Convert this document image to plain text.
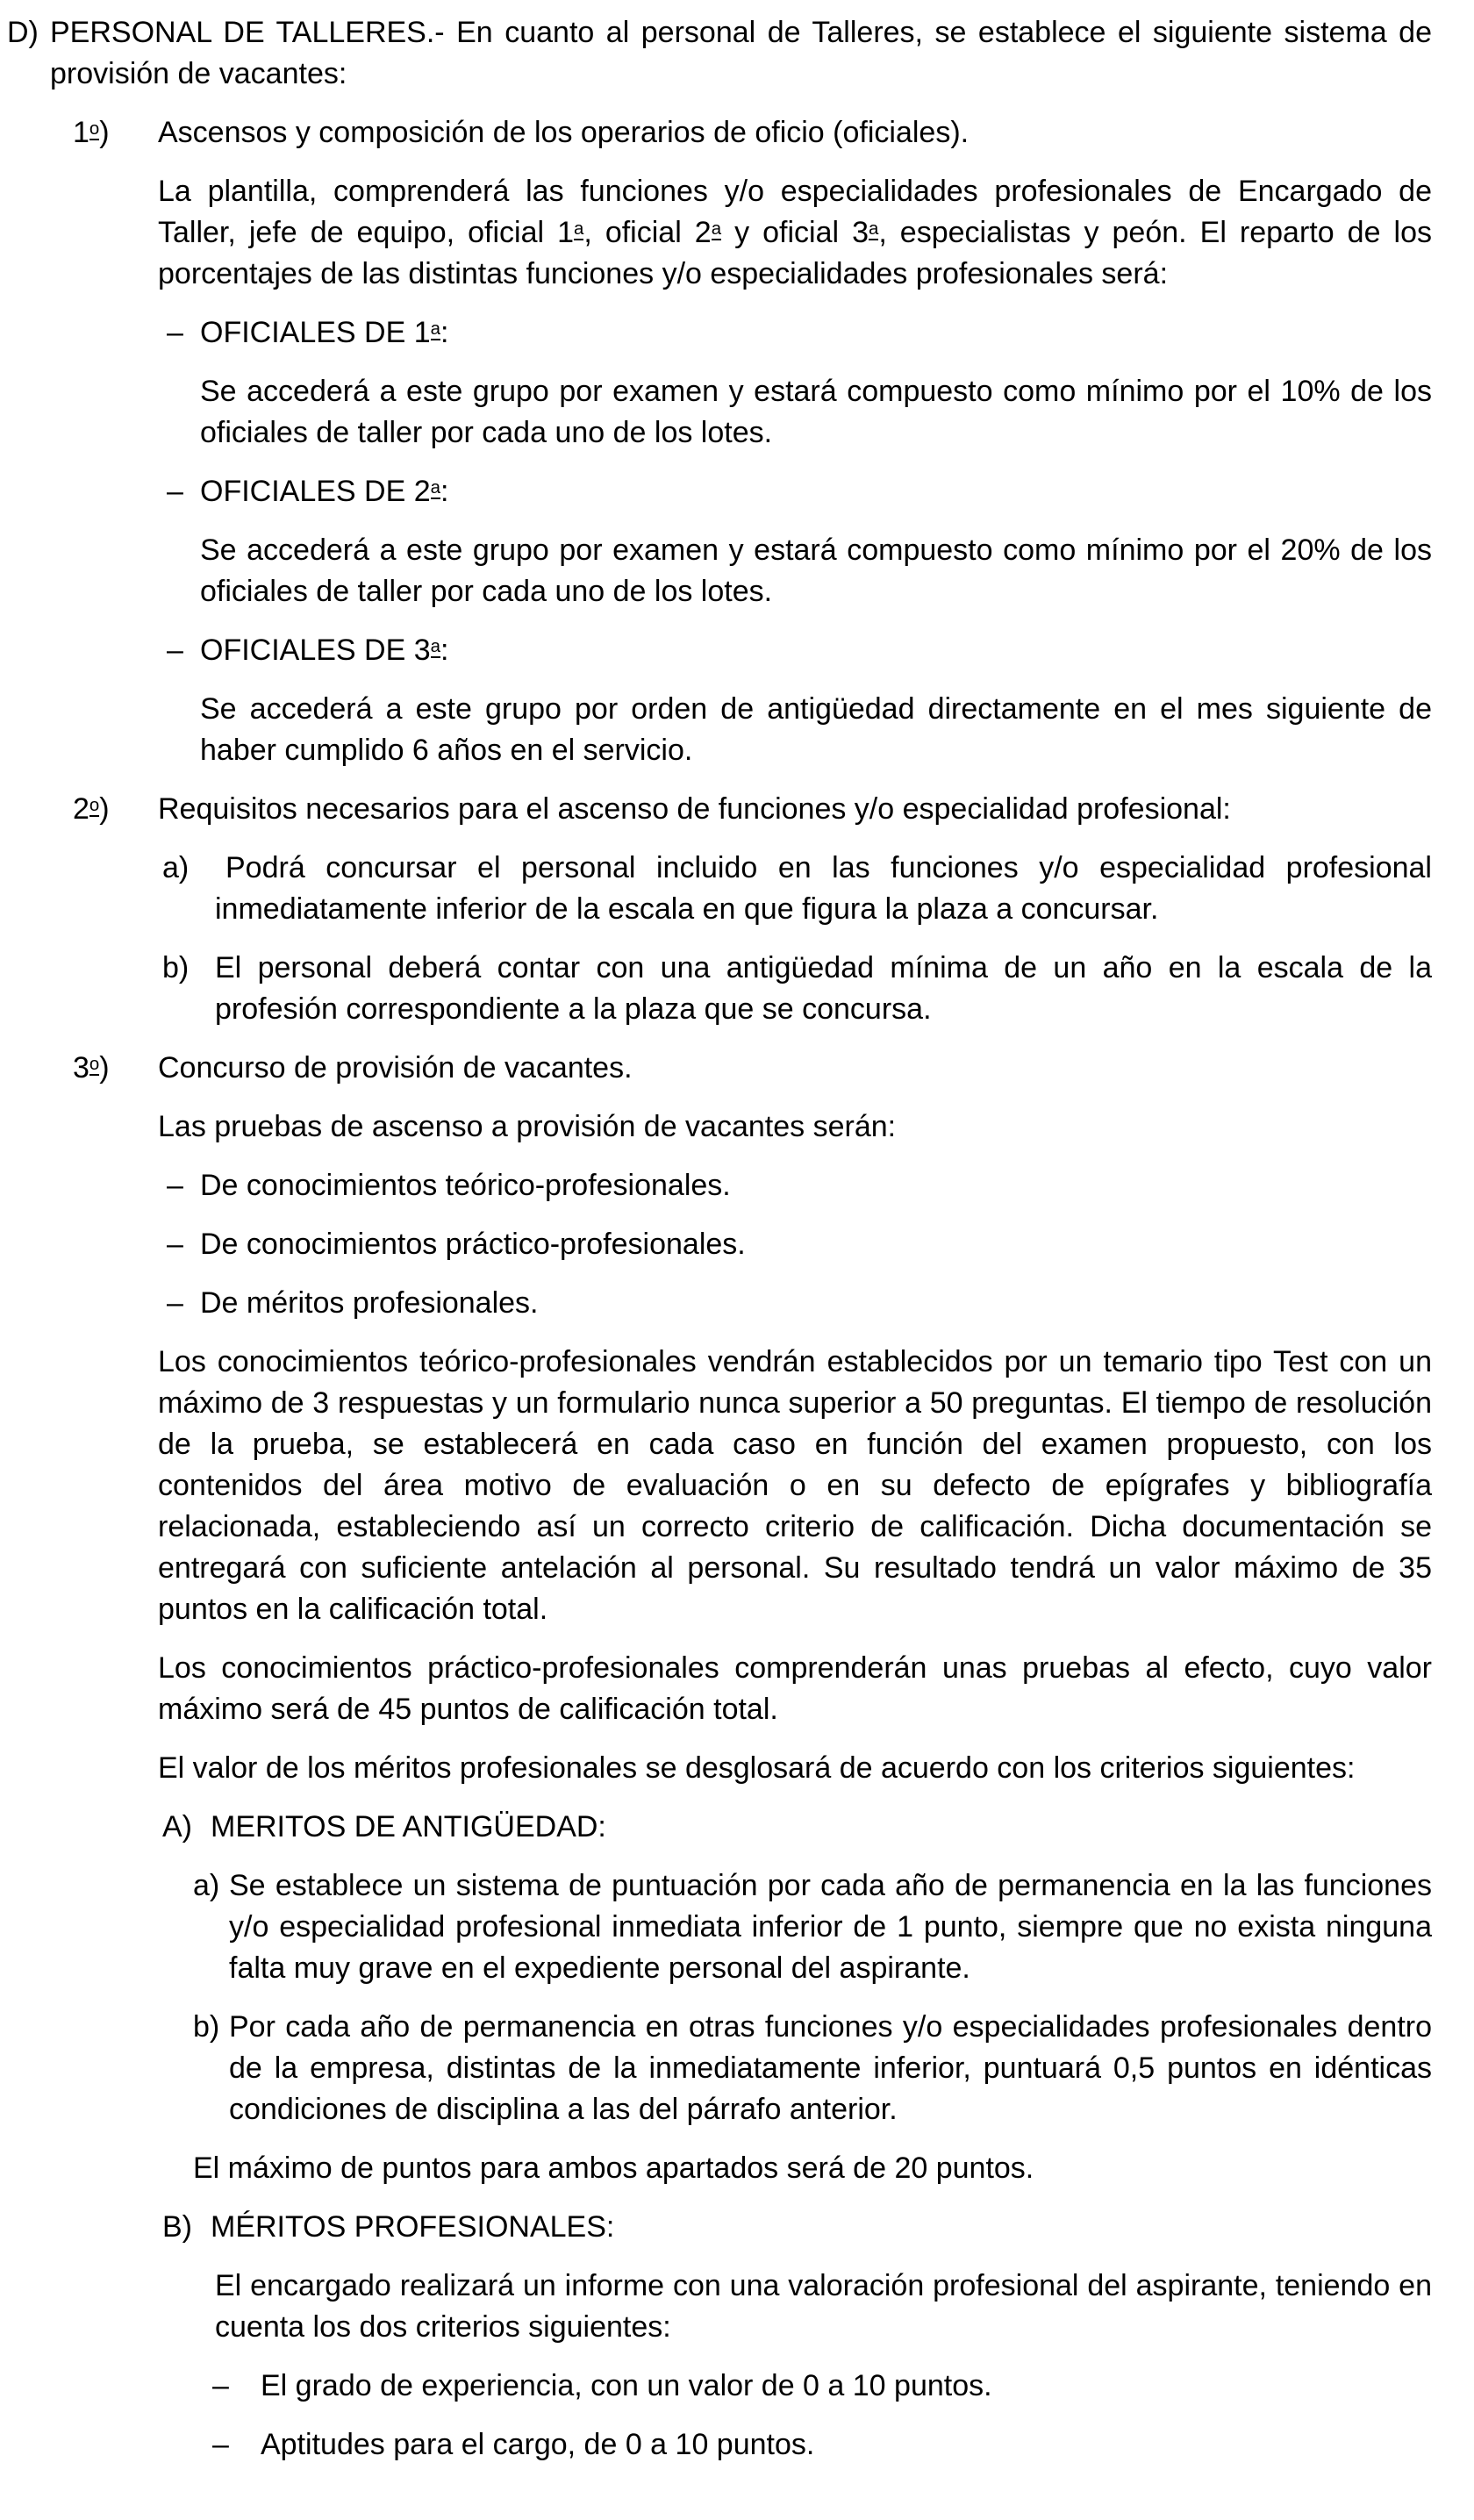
D) PERSONAL DE TALLERES.- En cuanto al personal de Talleres, se establece el siguiente sistema de provisión de vacantes:
1$^o$)	Ascensos y composición de los operarios de oficio (oficiales).
La plantilla, comprenderá las funciones y/o especialidades profesionales de Encargado de Taller, jefe de equipo, oficial 1$^a$, oficial 2$^a$ y oficial 3$^a$, especialistas y peón. El reparto de los porcentajes de las distintas funciones y/o especialidades profesionales será:
– OFICIALES DE 1$^a$:
Se accederá a este grupo por examen y estará compuesto como mínimo por el 10% de los oficiales de taller por cada uno de los lotes.
– OFICIALES DE 2$^a$:
Se accederá a este grupo por examen y estará compuesto como mínimo por el 20% de los oficiales de taller por cada uno de los lotes.
– OFICIALES DE 3$^a$:
Se accederá a este grupo por orden de antigüedad directamente en el mes siguiente de haber cumplido 6 años en el servicio.
2$^o$)	Requisitos necesarios para el ascenso de funciones y/o especialidad profesional:
a)	Podrá concursar el personal incluido en las funciones y/o especialidad profesional inmediatamente inferior de la escala en que figura la plaza a concursar.
b) El personal deberá contar con una antigüedad mínima de un año en la escala de la profesión correspondiente a la plaza que se concursa.
3$^o$)	Concurso de provisión de vacantes.
Las pruebas de ascenso a provisión de vacantes serán:
– De conocimientos teórico-profesionales.
– De conocimientos práctico-profesionales.
– De méritos profesionales.
Los conocimientos teórico-profesionales vendrán establecidos por un temario tipo Test con un máximo de 3 respuestas y un formulario nunca superior a 50 preguntas. El tiempo de resolución de la prueba, se establecerá en cada caso en función del examen propuesto, con los contenidos del área motivo de evaluación o en su defecto de epígrafes y bibliografía relacionada, estableciendo así un correcto criterio de calificación. Dicha documentación se entregará con suficiente antelación al personal. Su resultado tendrá un valor máximo de 35 puntos en la calificación total.
Los conocimientos práctico-profesionales comprenderán unas pruebas al efecto, cuyo valor máximo será de 45 puntos de calificación total.
El valor de los méritos profesionales se desglosará de acuerdo con los criterios siguientes:
A) MERITOS DE ANTIGÜEDAD:
a) Se establece un sistema de puntuación por cada año de permanencia en la las funciones y/o especialidad profesional inmediata inferior de 1 punto, siempre que no exista ninguna falta muy grave en el expediente personal del aspirante.
b) Por cada año de permanencia en otras funciones y/o especialidades profesionales dentro de la empresa, distintas de la inmediatamente inferior, puntuará 0,5 puntos en idénticas condiciones de disciplina a las del párrafo anterior.
El máximo de puntos para ambos apartados será de 20 puntos.
B) MÉRITOS PROFESIONALES:
El encargado realizará un informe con una valoración profesional del aspirante, teniendo en cuenta los dos criterios siguientes:
–	El grado de experiencia, con un valor de 0 a 10 puntos.
–	Aptitudes para el cargo, de 0 a 10 puntos.
